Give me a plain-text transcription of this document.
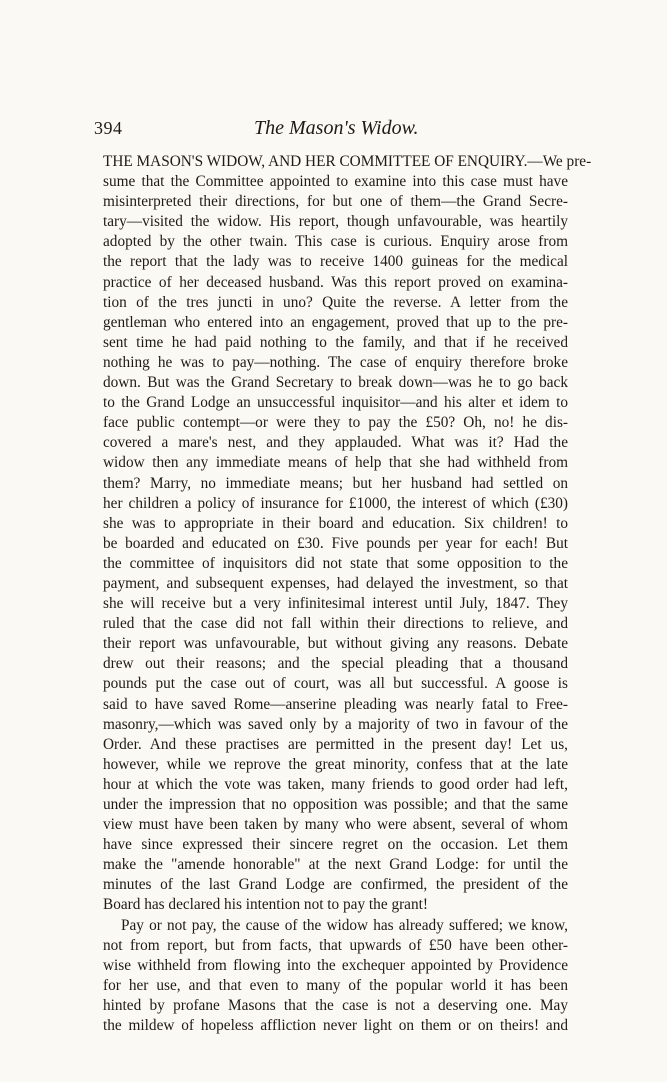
394	The Mason's Widow.
THE MASON'S WIDOW, AND HER COMMITTEE OF ENQUIRY.—We pre-
sume that the Committee appointed to examine into this case must have
misinterpreted their directions, for but one of them—the Grand Secre-
tary—visited the widow. His report, though unfavourable, was heartily
adopted by the other twain. This case is curious. Enquiry arose from
the report that the lady was to receive 1400 guineas for the medical
practice of her deceased husband. Was this report proved on examina-
tion of the tres juncti in uno? Quite the reverse. A letter from the
gentleman who entered into an engagement, proved that up to the pre-
sent time he had paid nothing to the family, and that if he received
nothing he was to pay—nothing. The case of enquiry therefore broke
down. But was the Grand Secretary to break down—was he to go back
to the Grand Lodge an unsuccessful inquisitor—and his alter et idem to
face public contempt—or were they to pay the £50? Oh, no! he dis-
covered a mare's nest, and they applauded. What was it? Had the
widow then any immediate means of help that she had withheld from
them? Marry, no immediate means; but her husband had settled on
her children a policy of insurance for £1000, the interest of which (£30)
she was to appropriate in their board and education. Six children! to
be boarded and educated on £30. Five pounds per year for each! But
the committee of inquisitors did not state that some opposition to the
payment, and subsequent expenses, had delayed the investment, so that
she will receive but a very infinitesimal interest until July, 1847. They
ruled that the case did not fall within their directions to relieve, and
their report was unfavourable, but without giving any reasons. Debate
drew out their reasons; and the special pleading that a thousand
pounds put the case out of court, was all but successful. A goose is
said to have saved Rome—anserine pleading was nearly fatal to Free-
masonry,—which was saved only by a majority of two in favour of the
Order. And these practises are permitted in the present day! Let us,
however, while we reprove the great minority, confess that at the late
hour at which the vote was taken, many friends to good order had left,
under the impression that no opposition was possible; and that the same
view must have been taken by many who were absent, several of whom
have since expressed their sincere regret on the occasion. Let them
make the "amende honorable" at the next Grand Lodge: for until the
minutes of the last Grand Lodge are confirmed, the president of the
Board has declared his intention not to pay the grant!
Pay or not pay, the cause of the widow has already suffered; we know,
not from report, but from facts, that upwards of £50 have been other-
wise withheld from flowing into the exchequer appointed by Providence
for her use, and that even to many of the popular world it has been
hinted by profane Masons that the case is not a deserving one. May
the mildew of hopeless affliction never light on them or on theirs! and
